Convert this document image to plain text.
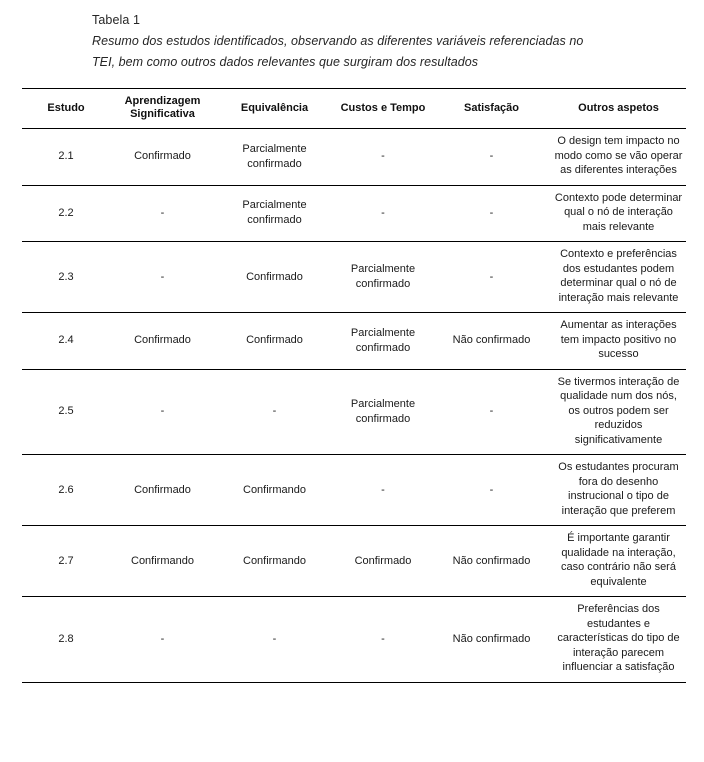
Tabela 1
Resumo dos estudos identificados, observando as diferentes variáveis referenciadas no TEI, bem como outros dados relevantes que surgiram dos resultados
Estudo	Aprendizagem Significativa	Equivalência	Custos e Tempo	Satisfação	Outros aspetos
2.1	Confirmado	Parcialmente confirmado	-	-	O design tem impacto no modo como se vão operar as diferentes interações
2.2	-	Parcialmente confirmado	-	-	Contexto pode determinar qual o nó de interação mais relevante
2.3	-	Confirmado	Parcialmente confirmado	-	Contexto e preferências dos estudantes podem determinar qual o nó de interação mais relevante
2.4	Confirmado	Confirmado	Parcialmente confirmado	Não confirmado	Aumentar as interações tem impacto positivo no sucesso
2.5	-	-	Parcialmente confirmado	-	Se tivermos interação de qualidade num dos nós, os outros podem ser reduzidos significativamente
2.6	Confirmado	Confirmando	-	-	Os estudantes procuram fora do desenho instrucional o tipo de interação que preferem
2.7	Confirmando	Confirmando	Confirmado	Não confirmado	É importante garantir qualidade na interação, caso contrário não será equivalente
2.8	-	-	-	Não confirmado	Preferências dos estudantes e características do tipo de interação parecem influenciar a satisfação
